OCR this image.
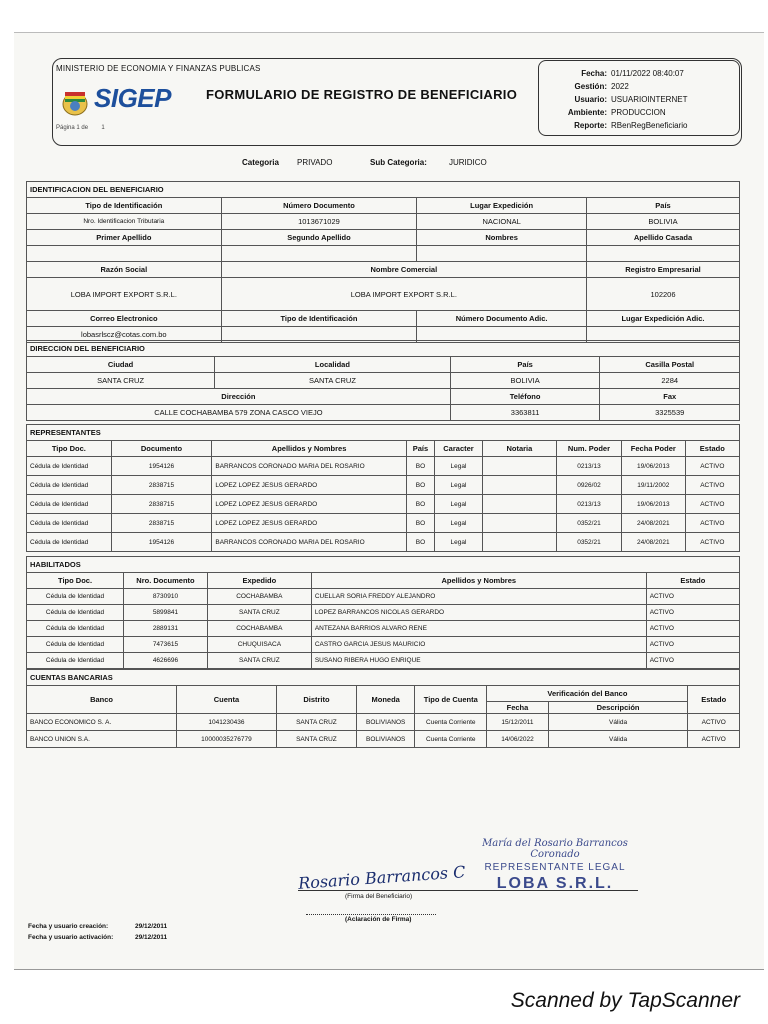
MINISTERIO DE ECONOMIA Y FINANZAS PUBLICAS
SIGEP	FORMULARIO DE REGISTRO DE BENEFICIARIO
Página 1 de 1
Fecha: 01/11/2022 08:40:07
Gestión: 2022
Usuario: USUARIOINTERNET
Ambiente: PRODUCCION
Reporte: RBenRegBeneficiario
Categoria PRIVADO	Sub Categoria:	JURIDICO
IDENTIFICACION DEL BENEFICIARIO			
Tipo de Identificación	Número Documento	Lugar Expedición	País
Nro. Identificacion Tributaria	1013671029	NACIONAL	BOLIVIA
Primer Apellido	Segundo Apellido	Nombres	Apellido Casada

Razón Social	Nombre Comercial		Registro Empresarial
LOBA IMPORT EXPORT S.R.L.	LOBA IMPORT EXPORT S.R.L.		102206
Correo Electronico	Tipo de Identificación	Número Documento Adic.	Lugar Expedición Adic.
lobasrlscz@cotas.com.bo			
DIRECCION DEL BENEFICIARIO			
Ciudad	Localidad	País	Casilla Postal
SANTA CRUZ	SANTA CRUZ	BOLIVIA	2284
Dirección		Teléfono	Fax
CALLE COCHABAMBA 579 ZONA CASCO VIEJO		3363811	3325539
REPRESENTANTES								
Tipo Doc.	Documento	Apellidos y Nombres	País	Caracter	Notaria	Num. Poder	Fecha Poder	Estado
Cédula de Identidad	1954126	BARRANCOS CORONADO MARIA DEL ROSARIO	BO	Legal		0213/13	19/06/2013	ACTIVO
Cédula de Identidad	2838715	LOPEZ LOPEZ JESUS GERARDO	BO	Legal		0926/02	19/11/2002	ACTIVO
Cédula de Identidad	2838715	LOPEZ LOPEZ JESUS GERARDO	BO	Legal		0213/13	19/06/2013	ACTIVO
Cédula de Identidad	2838715	LOPEZ LOPEZ JESUS GERARDO	BO	Legal		0352/21	24/08/2021	ACTIVO
Cédula de Identidad	1954126	BARRANCOS CORONADO MARIA DEL ROSARIO	BO	Legal		0352/21	24/08/2021	ACTIVO
HABILITADOS				
Tipo Doc.	Nro. Documento	Expedido	Apellidos y Nombres	Estado
Cédula de Identidad	8730910	COCHABAMBA	CUELLAR SORIA FREDDY ALEJANDRO	ACTIVO
Cédula de Identidad	5899841	SANTA CRUZ	LOPEZ BARRANCOS NICOLAS GERARDO	ACTIVO
Cédula de Identidad	2889131	COCHABAMBA	ANTEZANA BARRIOS ALVARO RENE	ACTIVO
Cédula de Identidad	7473615	CHUQUISACA	CASTRO GARCIA JESUS MAURICIO	ACTIVO
Cédula de Identidad	4626696	SANTA CRUZ	SUSANO RIBERA HUGO ENRIQUE	ACTIVO
CUENTAS BANCARIAS							
Banco	Cuenta	Distrito	Moneda	Tipo de Cuenta	Verificación del Banco		Estado
					Fecha	Descripción	
BANCO ECONOMICO S. A.	1041230436	SANTA CRUZ	BOLIVIANOS	Cuenta Corriente	15/12/2011	Válida	ACTIVO
BANCO UNION S.A.	10000035276779	SANTA CRUZ	BOLIVIANOS	Cuenta Corriente	14/06/2022	Válida	ACTIVO
María del Rosario Barrancos Coronado
REPRESENTANTE LEGAL
LOBA S.R.L.
Rosario Barrancos C
(Firma del Beneficiario)
(Aclaración de Firma)
Fecha y usuario creación:	29/12/2011
Fecha y usuario activación:	29/12/2011
Scanned by TapScanner
